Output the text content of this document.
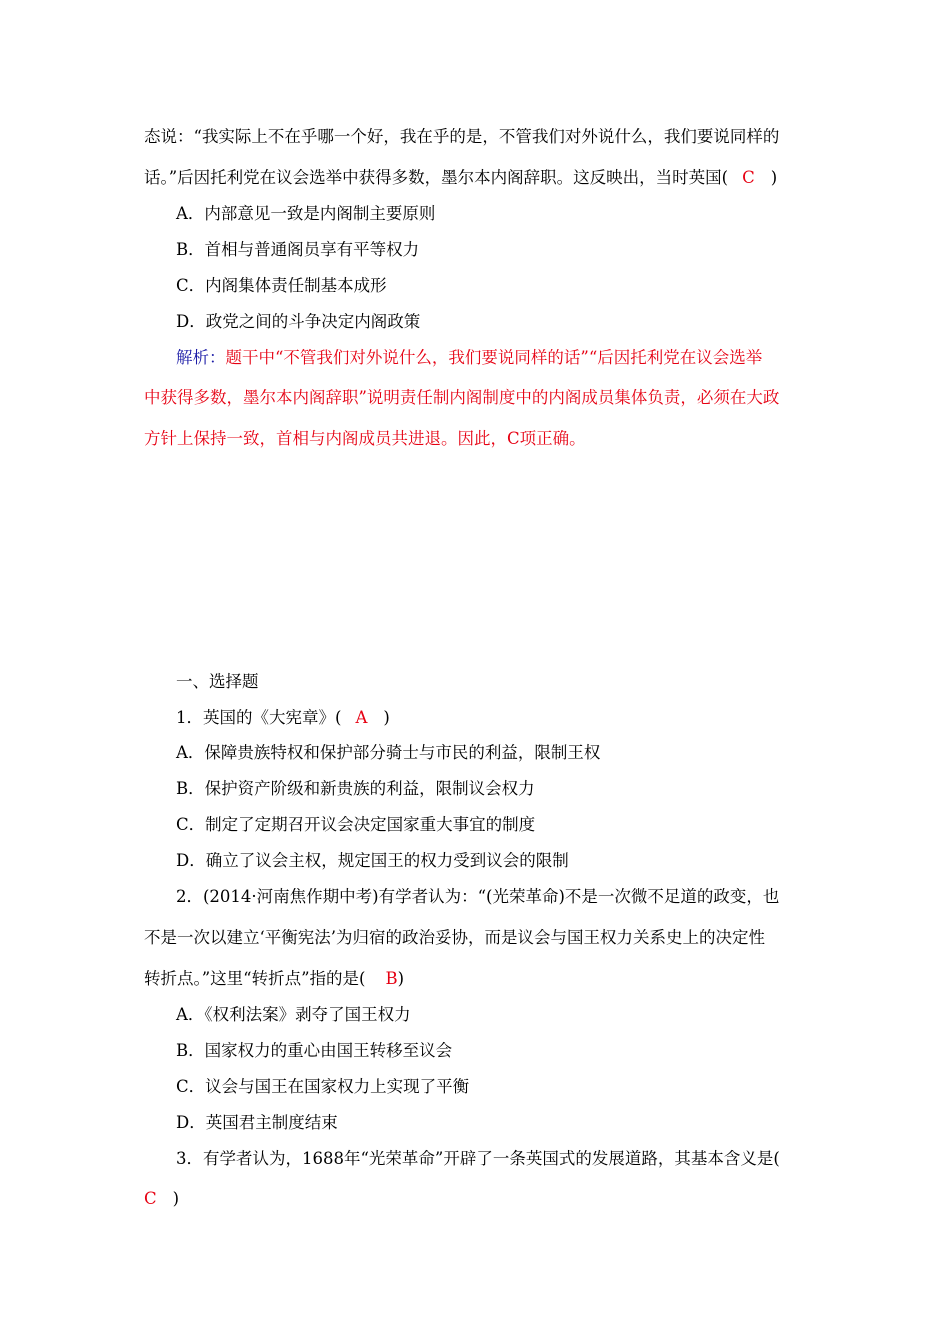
态说：“我实际上不在乎哪一个好，我在乎的是，不管我们对外说什么，我们要说同样的
话。”后因托利党在议会选举中获得多数，墨尔本内阁辞职。这反映出，当时英国( C )
A．内部意见一致是内阁制主要原则
B．首相与普通阁员享有平等权力
C．内阁集体责任制基本成形
D．政党之间的斗争决定内阁政策
解析：题干中“不管我们对外说什么，我们要说同样的话”“后因托利党在议会选举
中获得多数，墨尔本内阁辞职”说明责任制内阁制度中的内阁成员集体负责，必须在大政
方针上保持一致，首相与内阁成员共进退。因此，C项正确。
一、选择题
1．英国的《大宪章》( A )
A．保障贵族特权和保护部分骑士与市民的利益，限制王权
B．保护资产阶级和新贵族的利益，限制议会权力
C．制定了定期召开议会决定国家重大事宜的制度
D．确立了议会主权，规定国王的权力受到议会的限制
2．(2014·河南焦作期中考)有学者认为：“(光荣革命)不是一次微不足道的政变，也
不是一次以建立‘平衡宪法’为归宿的政治妥协，而是议会与国王权力关系史上的决定性
转折点。”这里“转折点”指的是( B)
A．《权利法案》剥夺了国王权力
B．国家权力的重心由国王转移至议会
C．议会与国王在国家权力上实现了平衡
D．英国君主制度结束
3．有学者认为，1688年“光荣革命”开辟了一条英国式的发展道路，其基本含义是(
C )
